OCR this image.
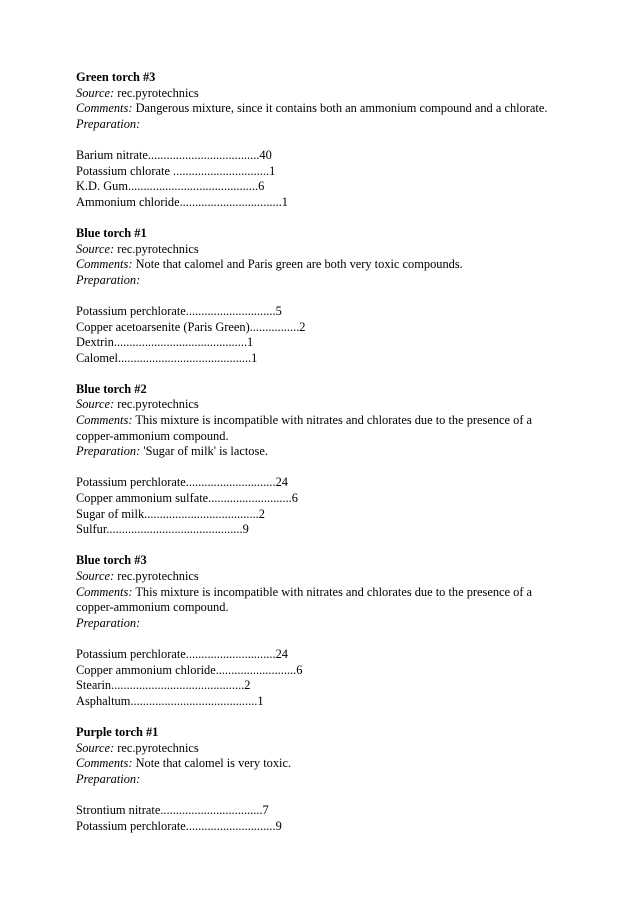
Green torch #3
Source: rec.pyrotechnics
Comments: Dangerous mixture, since it contains both an ammonium compound and a chlorate.
Preparation:
Barium nitrate....................................40
Potassium chlorate ...............................1
K.D. Gum..........................................6
Ammonium chloride.................................1
Blue torch #1
Source: rec.pyrotechnics
Comments: Note that calomel and Paris green are both very toxic compounds.
Preparation:
Potassium perchlorate.............................5
Copper acetoarsenite (Paris Green)................2
Dextrin...........................................1
Calomel...........................................1
Blue torch #2
Source: rec.pyrotechnics
Comments: This mixture is incompatible with nitrates and chlorates due to the presence of a copper-ammonium compound.
Preparation: 'Sugar of milk' is lactose.
Potassium perchlorate.............................24
Copper ammonium sulfate...........................6
Sugar of milk.....................................2
Sulfur............................................9
Blue torch #3
Source: rec.pyrotechnics
Comments: This mixture is incompatible with nitrates and chlorates due to the presence of a copper-ammonium compound.
Preparation:
Potassium perchlorate.............................24
Copper ammonium chloride..........................6
Stearin...........................................2
Asphaltum.........................................1
Purple torch #1
Source: rec.pyrotechnics
Comments: Note that calomel is very toxic.
Preparation:
Strontium nitrate.................................7
Potassium perchlorate.............................9
